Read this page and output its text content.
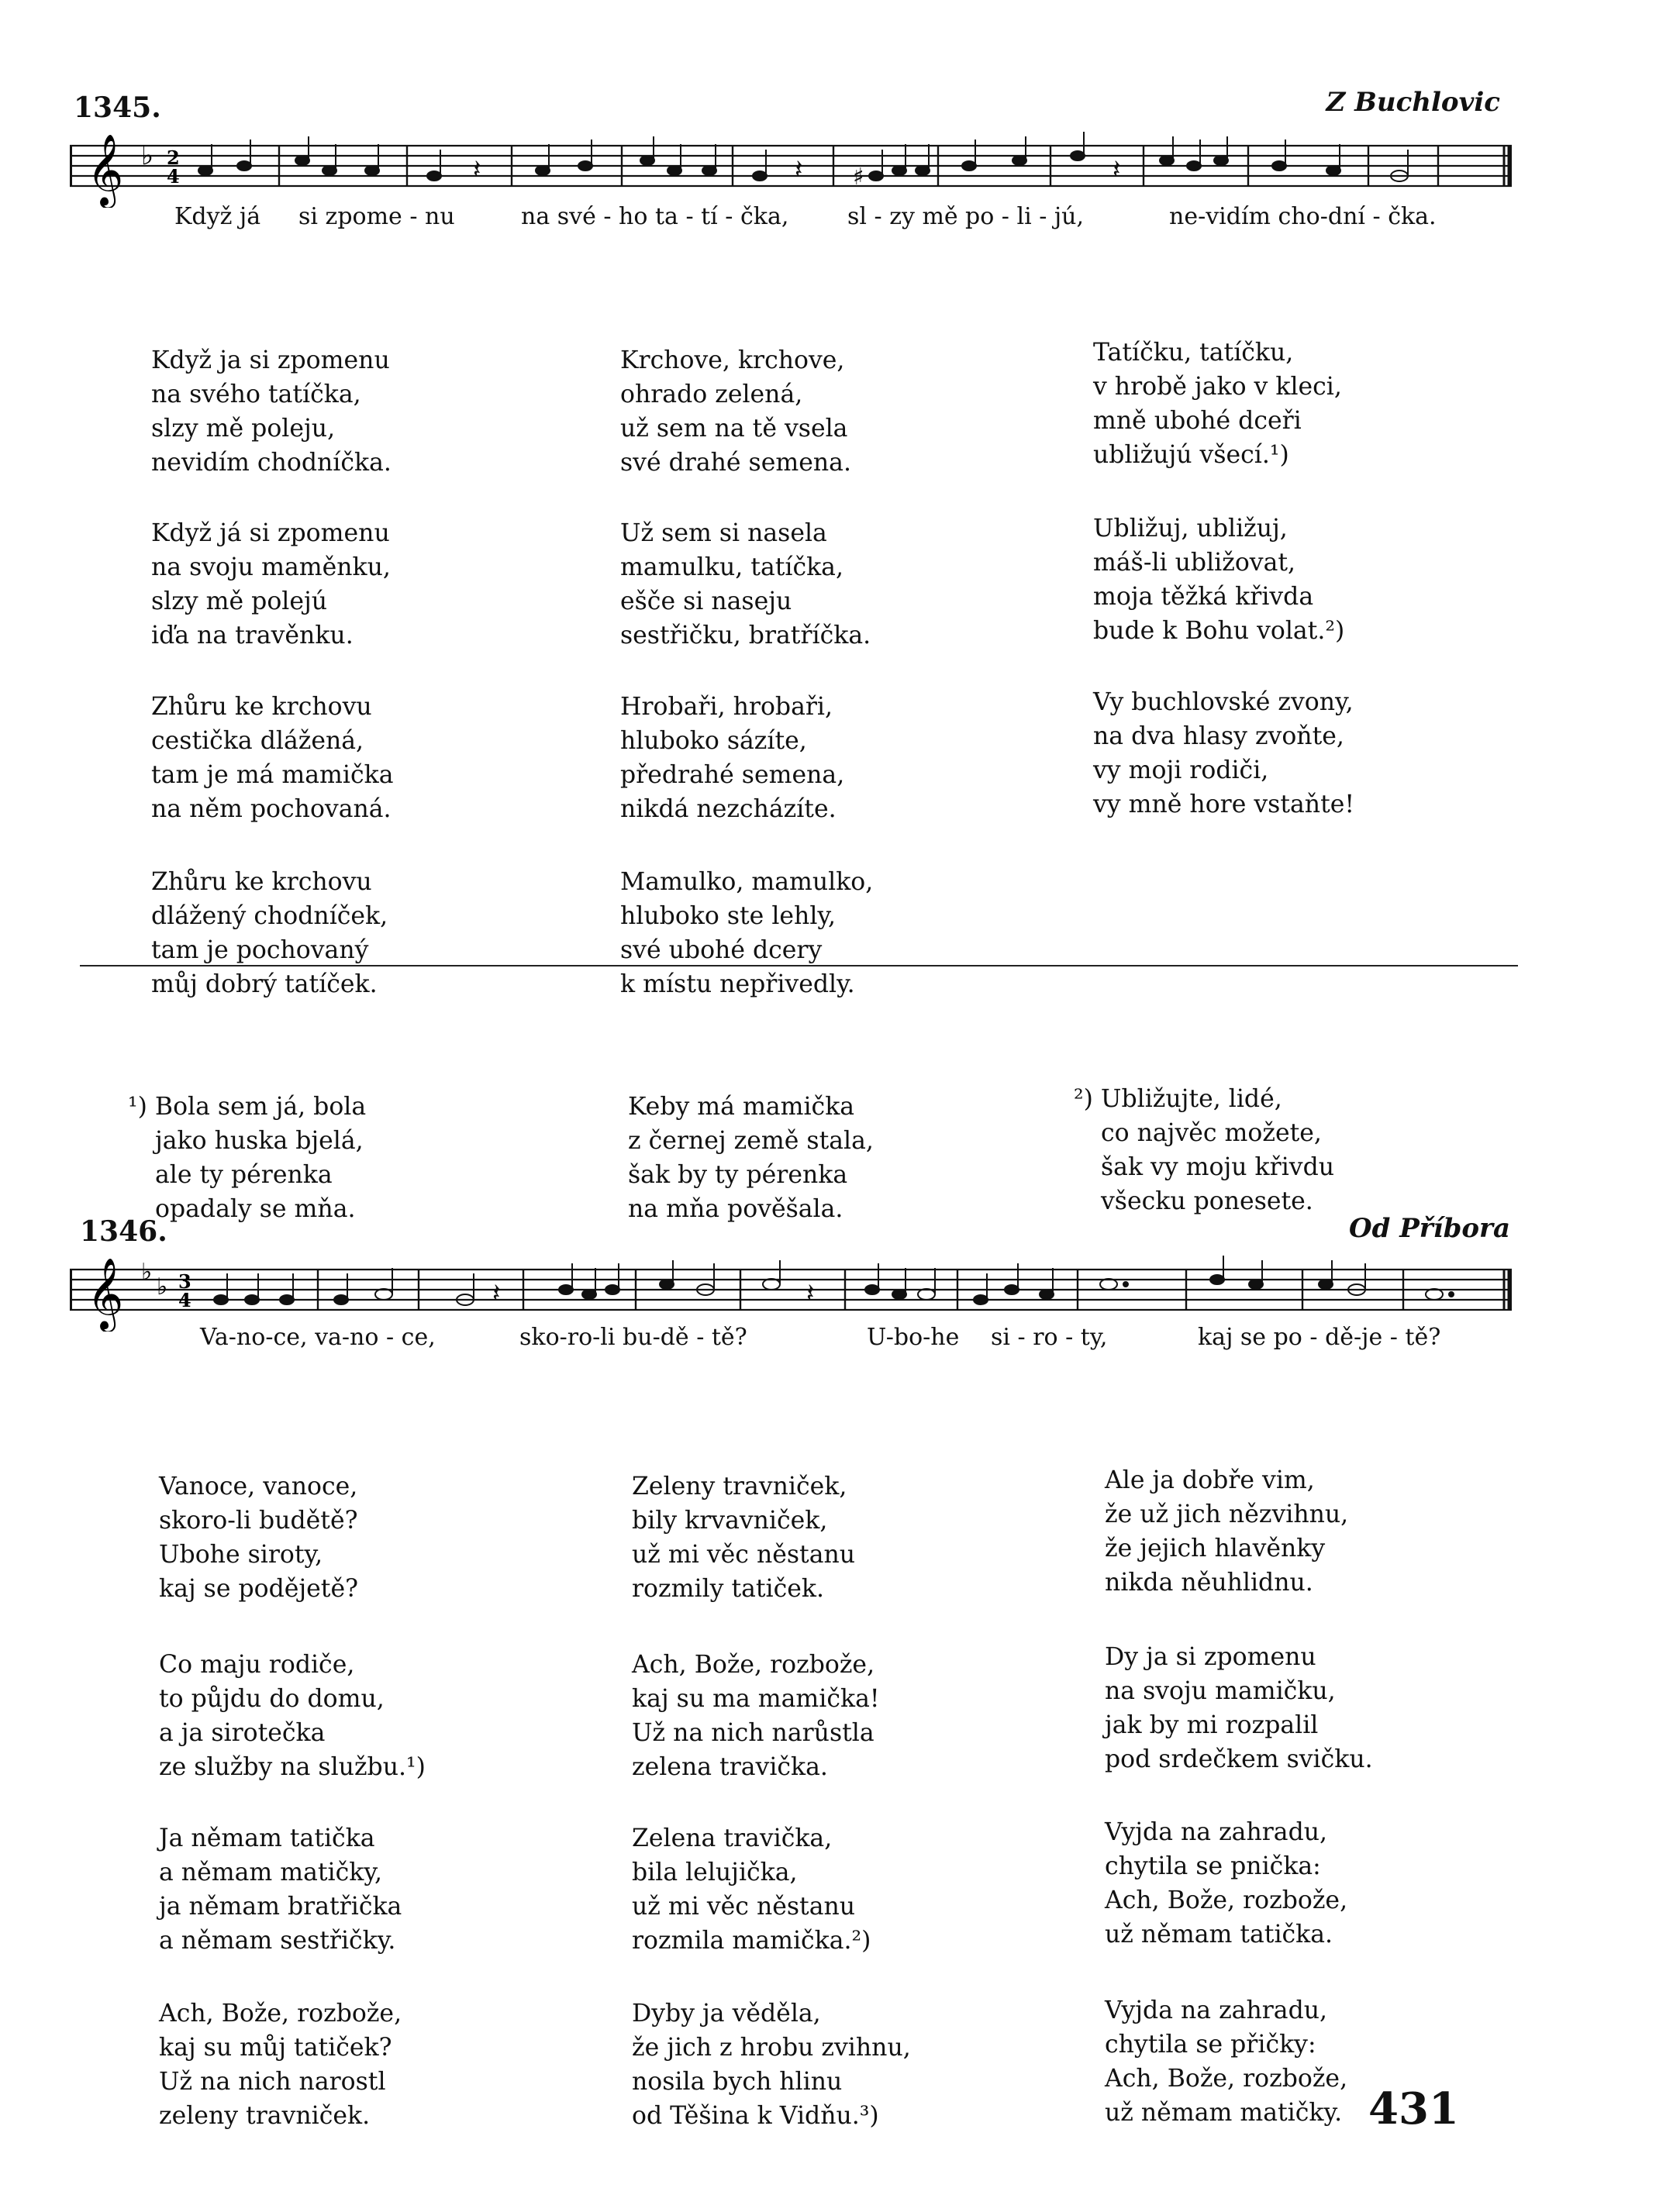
1345.	Z Buchlovic
𝄞 ♭ 2
4	𝄽	𝄽 ♯	𝄽
Když já si zpome - nu	na své - ho ta - tí - čka,	sl - zy mě po - li - jú,	ne-vidím cho-dní - čka.

Když ja si zpomenu
na svého tatíčka,
slzy mě poleju,
nevidím chodníčka.

Když já si zpomenu
na svoju maměnku,
slzy mě polejú
iďa na travěnku.

Zhůru ke krchovu
cestička dlážená,
tam je má mamička
na něm pochovaná.

Zhůru ke krchovu
dlážený chodníček,
tam je pochovaný
můj dobrý tatíček.

Krchove, krchove,
ohrado zelená,
už sem na tě vsela
své drahé semena.

Už sem si nasela
mamulku, tatíčka,
ešče si naseju
sestřičku, bratříčka.

Hrobaři, hrobaři,
hluboko sázíte,
předrahé semena,
nikdá nezcházíte.

Mamulko, mamulko,
hluboko ste lehly,
své ubohé dcery
k místu nepřivedly.

Tatíčku, tatíčku,
v hrobě jako v kleci,
mně ubohé dceři
ubližujú všecí.¹)

Ubližuj, ubližuj,
máš-li ubližovat,
moja těžká křivda
bude k Bohu volat.²)

Vy buchlovské zvony,
na dva hlasy zvoňte,
vy moji rodiči,
vy mně hore vstaňte!

¹) Bola sem já, bola
jako huska bjelá,
ale ty pérenka
opadaly se mňa.

Keby má mamička
z černej země stala,
šak by ty pérenka
na mňa pověšala.

²) Ubližujte, lidé,
co najvěc možete,
šak vy moju křivdu
všecku ponesete.

1346.	Od Příbora
𝄞 ♭
♭ 3
4	𝄽	𝄽
Va-no-ce, va-no - ce,	sko-ro-li bu-dě - tě?	U-bo-he si - ro - ty,	kaj se po - dě-je - tě?

Vanoce, vanoce,
skoro-li budětě?
Ubohe siroty,
kaj se podějetě?

Co maju rodiče,
to půjdu do domu,
a ja sirotečka
ze služby na službu.¹)

Ja němam tatička
a němam matičky,
ja němam bratřička
a němam sestřičky.

Ach, Bože, rozbože,
kaj su můj tatiček?
Už na nich narostl
zeleny travniček.

Zeleny travniček,
bily krvavniček,
už mi věc něstanu
rozmily tatiček.

Ach, Bože, rozbože,
kaj su ma mamička!
Už na nich narůstla
zelena travička.

Zelena travička,
bila lelujička,
už mi věc něstanu
rozmila mamička.²)

Dyby ja věděla,
že jich z hrobu zvihnu,
nosila bych hlinu
od Těšina k Vidňu.³)

Ale ja dobře vim,
že už jich nězvihnu,
že jejich hlavěnky
nikda něuhlidnu.

Dy ja si zpomenu
na svoju mamičku,
jak by mi rozpalil
pod srdečkem svičku.

Vyjda na zahradu,
chytila se pnička:
Ach, Bože, rozbože,
už němam tatička.

Vyjda na zahradu,
chytila se přičky:
Ach, Bože, rozbože,
už němam matičky. 431
